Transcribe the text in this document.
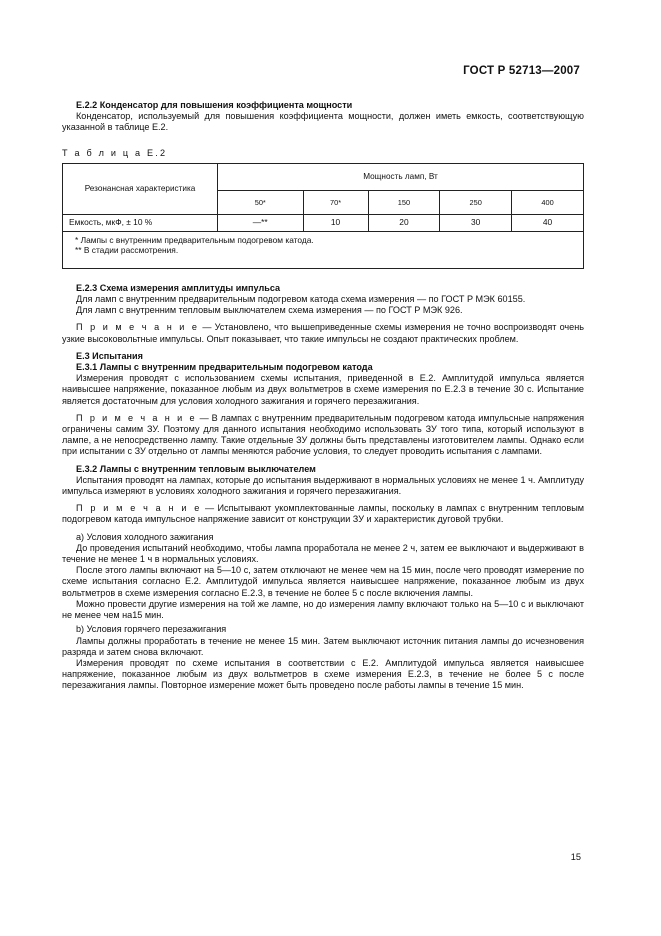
ГОСТ Р 52713—2007

Е.2.2 Конденсатор для повышения коэффициента мощности

Конденсатор, используемый для повышения коэффициента мощности, должен иметь емкость, соответствующую указанной в таблице Е.2.

Т а б л и ц а Е.2

Резонансная характеристика	Мощность ламп, Вт				
	50*	70*	150	250	400
Емкость, мкФ, ± 10 %	—**	10	20	30	40

* Лампы с внутренним предварительным подогревом катода.
** В стадии рассмотрения.					

Е.2.3 Схема измерения амплитуды импульса

Для ламп с внутренним предварительным подогревом катода схема измерения — по ГОСТ Р МЭК 60155.

Для ламп с внутренним тепловым выключателем схема измерения — по ГОСТ Р МЭК 926.

П р и м е ч а н и е — Установлено, что вышеприведенные схемы измерения не точно воспроизводят очень узкие высоковольтные импульсы. Опыт показывает, что такие импульсы не создают практических проблем.

Е.3 Испытания

Е.3.1 Лампы с внутренним предварительным подогревом катода

Измерения проводят с использованием схемы испытания, приведенной в Е.2. Амплитудой импульса является наивысшее напряжение, показанное любым из двух вольтметров в схеме измерения по Е.2.3 в течение 30 с. Испытание является достаточным для условия холодного зажигания и горячего перезажигания.

П р и м е ч а н и е — В лампах с внутренним предварительным подогревом катода импульсные напряжения ограничены самим ЗУ. Поэтому для данного испытания необходимо использовать ЗУ того типа, который используют в лампе, а не непосредственно лампу. Такие отдельные ЗУ должны быть представлены изготовителем лампы. Однако если при испытании с ЗУ отдельно от лампы меняются рабочие условия, то следует проводить испытания с лампами.

Е.3.2 Лампы с внутренним тепловым выключателем

Испытания проводят на лампах, которые до испытания выдерживают в нормальных условиях не менее 1 ч. Амплитуду импульса измеряют в условиях холодного зажигания и горячего перезажигания.

П р и м е ч а н и е — Испытывают укомплектованные лампы, поскольку в лампах с внутренним тепловым подогревом катода импульсное напряжение зависит от конструкции ЗУ и характеристик дуговой трубки.

a) Условия холодного зажигания

До проведения испытаний необходимо, чтобы лампа проработала не менее 2 ч, затем ее выключают и выдерживают в течение не менее 1 ч в нормальных условиях.

После этого лампы включают на 5—10 с, затем отключают не менее чем на 15 мин, после чего проводят измерение по схеме испытания согласно Е.2. Амплитудой импульса является наивысшее напряжение, показанное любым из двух вольтметров в схеме измерения согласно Е.2.3, в течение не более 5 с после включения лампы.

Можно провести другие измерения на той же лампе, но до измерения лампу включают только на 5—10 с и выключают не менее чем на15 мин.

b) Условия горячего перезажигания

Лампы должны проработать в течение не менее 15 мин. Затем выключают источник питания лампы до исчезновения разряда и затем снова включают.

Измерения проводят по схеме испытания в соответствии с Е.2. Амплитудой импульса является наивысшее напряжение, показанное любым из двух вольтметров в схеме измерения Е.2.3, в течение не более 5 с после перезажигания лампы. Повторное измерение может быть проведено после работы лампы в течение 15 мин.

15
